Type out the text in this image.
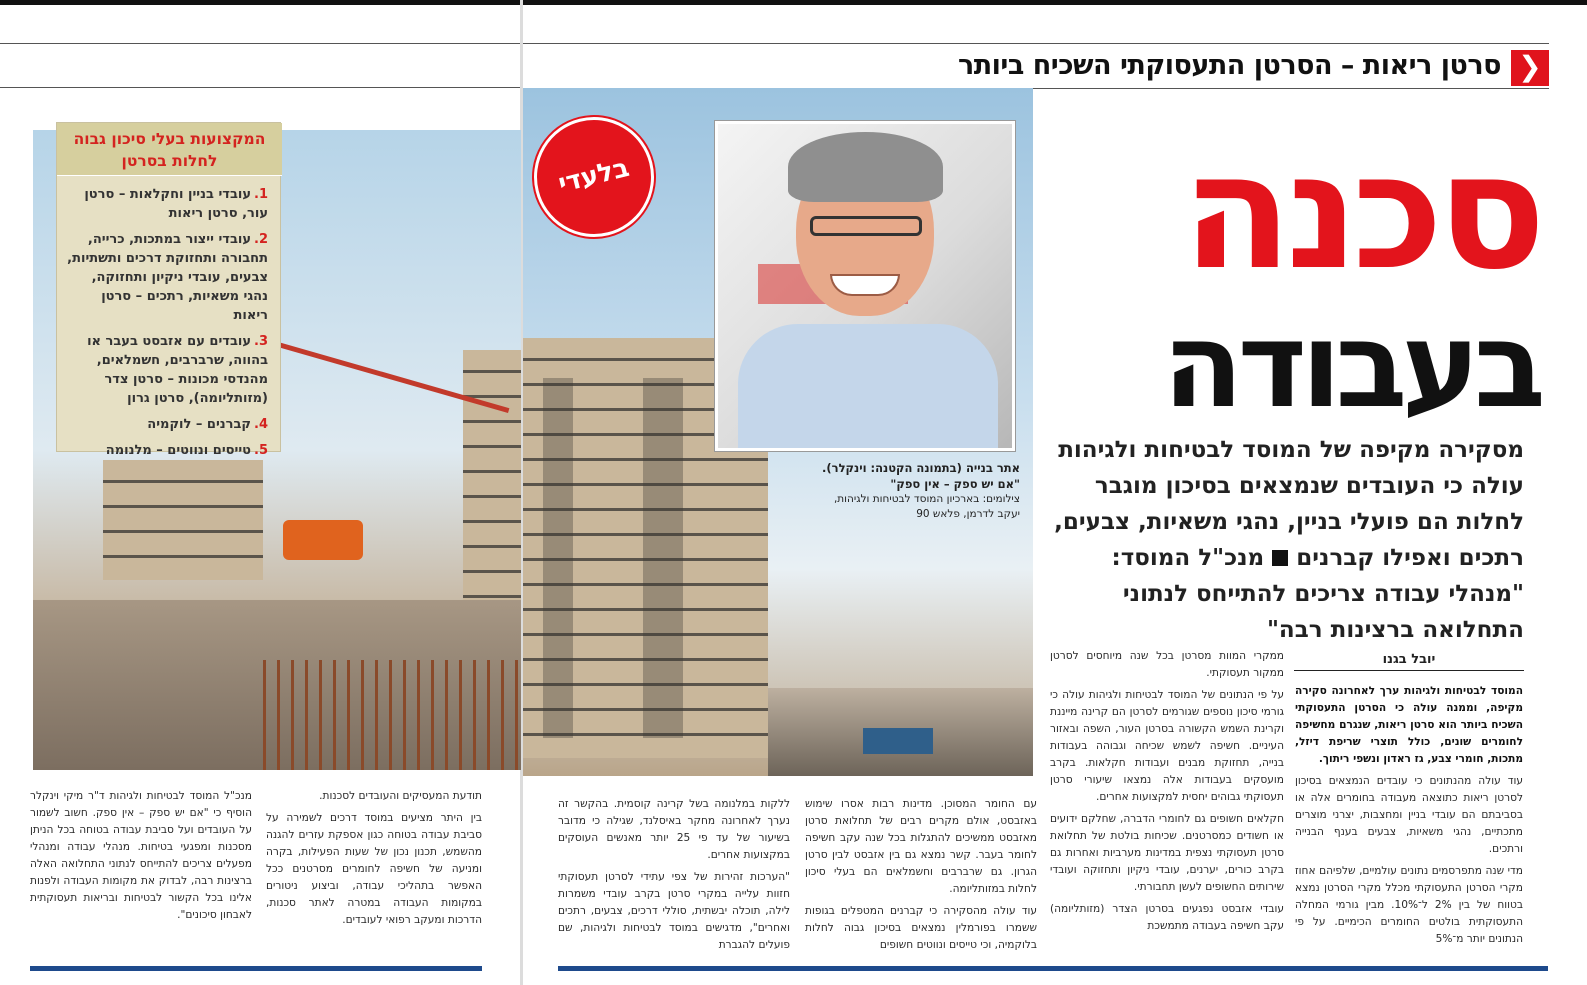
❮
סרטן ריאות – הסרטן התעסוקתי השכיח ביותר
סכנה
בעבודה
מסקירה מקיפה של המוסד לבטיחות ולגיהות עולה כי העובדים שנמצאים בסיכון מוגבר לחלות הם פועלי בניין, נהגי משאיות, צבעים, רתכים ואפילו קברנים מנכ"ל המוסד: "מנהלי עבודה צריכים להתייחס לנתוני התחלואה ברצינות רבה"
יובל בגנו

המוסד לבטיחות ולגיהות ערך לאחרונה סקירה מקיפה, וממנה עולה כי הסרטן התעסוקתי השכיח ביותר הוא סרטן ריאות, שנגרם מחשיפה לחומרים שונים, כולל תוצרי שריפת דיזל, מתכות, חומרי צבע, גז ראדון ונשפי ריתוך.

עוד עולה מהנתונים כי עובדים הנמצאים בסיכון לסרטן ריאות כתוצאה מעבודה בחומרים אלה או בסביבתם הם עובדי בניין ומחצבות, יצרני מוצרים מתכתיים, נהגי משאיות, צבעים בענף הבנייה ורתכים.

מדי שנה מתפרסמים נתונים עולמיים, שלפיהם אחוז מקרי הסרטן התעסוקתי מכלל מקרי הסרטן נמצא בטווח של בין 2% ל־10%. מבין גורמי המחלה התעסוקתית בולטים החומרים הכימיים. על פי הנתונים יותר מ־5%

ממקרי המוות מסרטן בכל שנה מיוחסים לסרטן ממקור תעסוקתי.

על פי הנתונים של המוסד לבטיחות ולגיהות עולה כי גורמי סיכון נוספים שגורמים לסרטן הם קרינה מייננת וקרינת השמש הקשורה בסרטן העור, השפה ובאזור העיניים. חשיפה לשמש שכיחה וגבוהה בעבודות בנייה, תחזוקת מבנים ועבודות חקלאות. בקרב מועסקים בעבודות אלה נמצאו שיעורי סרטן תעסוקתי גבוהים יחסית למקצועות אחרים.

חקלאים חשופים גם לחומרי הדברה, שחלקם ידועים או חשודים כמסרטנים. שכיחות בולטת של תחלואת סרטן תעסוקתי נצפית במדינות מערביות ואחרות גם בקרב כורים, יערנים, עובדי ניקיון ותחזוקה ועובדי שירותים החשופים לעשן תחבורתי.

עובדי אזבסט נפגעים בסרטן הצדר (מזותליומה) עקב חשיפה בעבודה מתמשכת

עם החומר המסוכן. מדינות רבות אסרו שימוש באזבסט, אולם מקרים רבים של תחלואת סרטן מאזבסט ממשיכים להתגלות בכל שנה עקב חשיפה לחומר בעבר. קשר נמצא גם בין אזבסט לבין סרטן הגרון. גם שרברבים וחשמלאים הם בעלי סיכון לחלות במזותליומה.

עוד עולה מהסקירה כי קברנים המטפלים בגופות ששמרו בפורמלין נמצאים בסיכון גבוה לחלות בלוקמיה, וכי טייסים ונווטים חשופים

ללקות במלנומה בשל קרינה קוסמית. בהקשר זה נערך לאחרונה מחקר באיסלנד, שגילה כי מדובר בשיעור של עד פי 25 יותר מאנשים העוסקים במקצועות אחרים.

"הערכות זהירות של צפי עתידי לסרטן תעסוקתי חזוות עלייה במקרי סרטן בקרב עובדי משמרות לילה, תוכלה יבשתית, סוללי דרכים, צבעים, רתכים ואחרים", מדגישים במוסד לבטיחות ולגיהות, שם פועלים להגברת

תודעת המעסיקים והעובדים לסכנות.

בין היתר מציעים במוסד דרכים לשמירה על סביבת עבודה בטוחה כגון אספקת עזרים להגנה מהשמש, תכנון נכון של שעות הפעילות, בקרה ומניעה של חשיפה לחומרים מסרטנים ככל האפשר בתהליכי עבודה, וביצוע ניטורים במקומות העבודה במטרה לאתר סכנות, הדרכות ומעקב רפואי לעובדים.

מנכ"ל המוסד לבטיחות ולגיהות ד"ר מיקי וינקלר הוסיף כי "אם יש ספק – אין ספק. חשוב לשמור על העובדים ועל סביבת עבודה בטוחה בכל הניתן מסכנות ומפגעי בטיחות. מנהלי עבודה ומנהלי מפעלים צריכים להתייחס לנתוני התחלואה האלה ברצינות רבה, לבדוק את מקומות העבודה ולפנות אלינו בכל הקשור לבטיחות ובריאות תעסוקתית לאבחון סיכונים".

בלעדי
אתר בנייה (בתמונה הקטנה: וינקלר).
"אם יש ספק – אין ספק"
צילומים: בארכיון המוסד לבטיחות ולגיהות,
יעקב לדרמן, פלאש 90
המקצועות בעלי סיכון גבוה לחלות בסרטן
1.עובדי בניין וחקלאות – סרטן עור, סרטן ריאות
2.עובדי ייצור במתכות, כרייה, תחבורה ותחזוקת דרכים ותשתיות, צבעים, עובדי ניקיון ותחזוקה, נהגי משאיות, רתכים – סרטן ריאות
3.עובדים עם אזבסט בעבר או בהווה, שרברבים, חשמלאים, מהנדסי מכונות – סרטן צדר (מזותליומה), סרטן גרון
4.קברנים – לוקמיה
5.טייסים ונווטים – מלנומה
